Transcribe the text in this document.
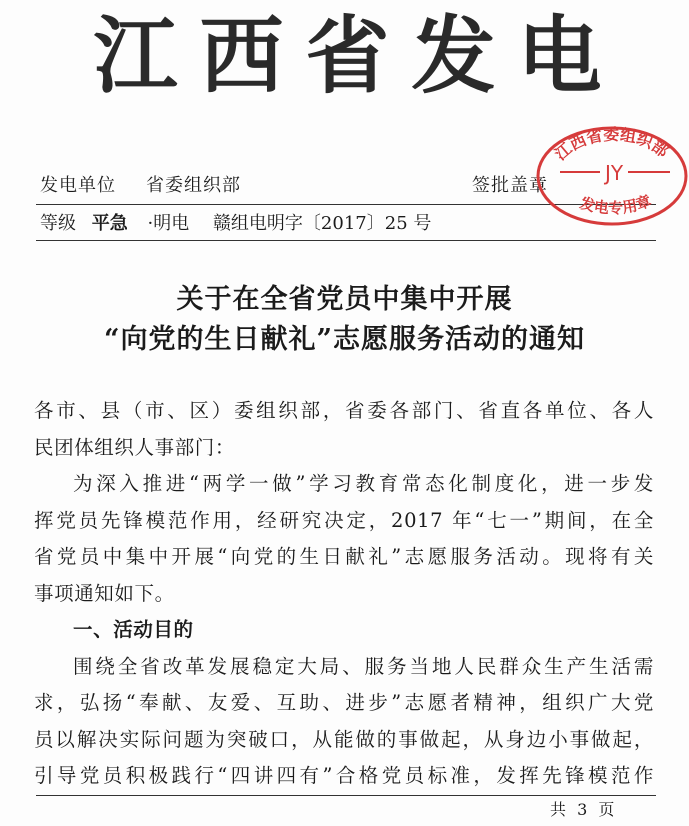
江西省发电
发电单位 省委组织部	签批盖章
等级 平急 ·明电 赣组电明字〔2017〕25 号
江西省委组织部
JY
发电专用章
关于在全省党员中集中开展
“向党的生日献礼”志愿服务活动的通知
各市、县（市、区）委组织部，省委各部门、省直各单位、各人
民团体组织人事部门：
为深入推进“两学一做”学习教育常态化制度化，进一步发
挥党员先锋模范作用，经研究决定，2017 年“七一”期间，在全
省党员中集中开展“向党的生日献礼”志愿服务活动。现将有关
事项通知如下。
一、活动目的
围绕全省改革发展稳定大局、服务当地人民群众生产生活需
求，弘扬“奉献、友爱、互助、进步”志愿者精神，组织广大党
员以解决实际问题为突破口，从能做的事做起，从身边小事做起，
引导党员积极践行“四讲四有”合格党员标准，发挥先锋模范作
共 3 页
